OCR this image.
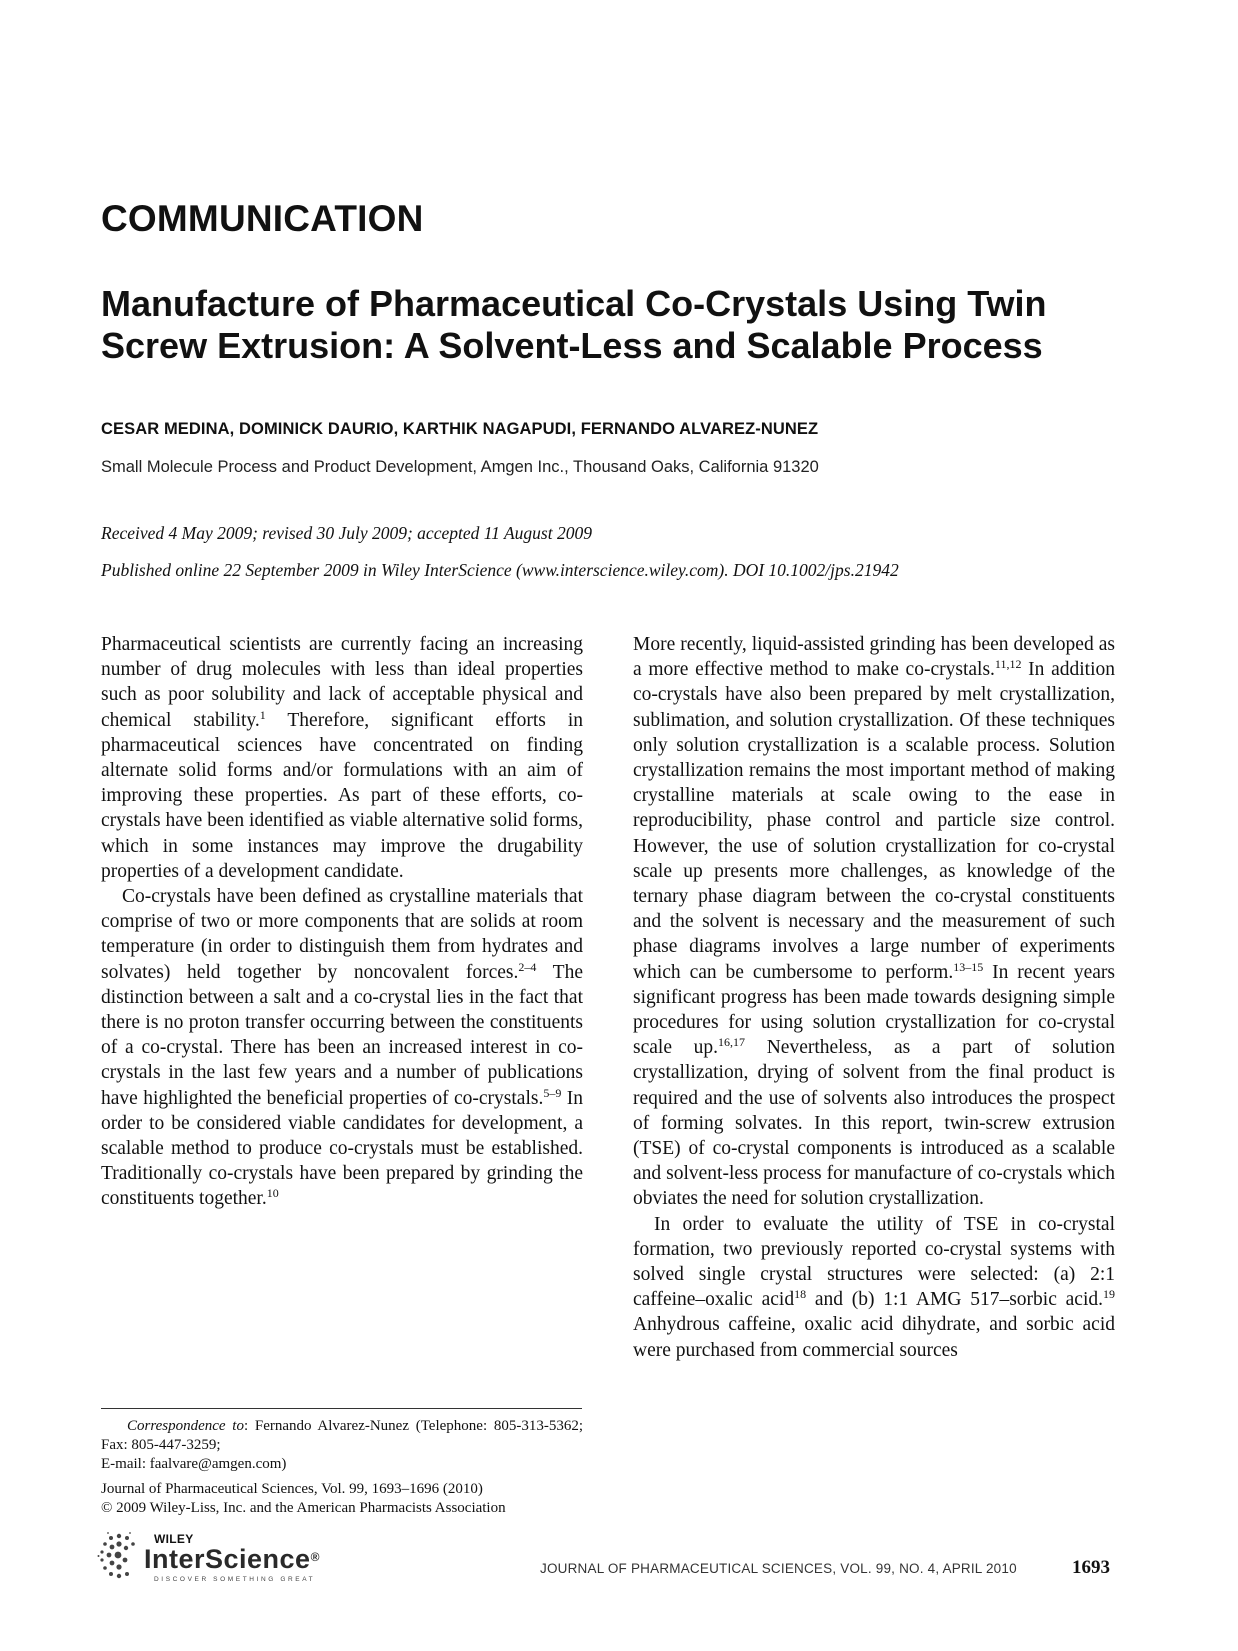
COMMUNICATION
Manufacture of Pharmaceutical Co-Crystals Using Twin Screw Extrusion: A Solvent-Less and Scalable Process
CESAR MEDINA, DOMINICK DAURIO, KARTHIK NAGAPUDI, FERNANDO ALVAREZ-NUNEZ
Small Molecule Process and Product Development, Amgen Inc., Thousand Oaks, California 91320
Received 4 May 2009; revised 30 July 2009; accepted 11 August 2009
Published online 22 September 2009 in Wiley InterScience (www.interscience.wiley.com). DOI 10.1002/jps.21942

Pharmaceutical scientists are currently facing an increasing number of drug molecules with less than ideal properties such as poor solubility and lack of acceptable physical and chemical stability.$^1$ Therefore, significant efforts in pharmaceutical sciences have concentrated on finding alternate solid forms and/or formulations with an aim of improving these properties. As part of these efforts, co-crystals have been identified as viable alternative solid forms, which in some instances may improve the drugability properties of a development candidate.

Co-crystals have been defined as crystalline materials that comprise of two or more components that are solids at room temperature (in order to distinguish them from hydrates and solvates) held together by noncovalent forces.$^{2-4}$ The distinction between a salt and a co-crystal lies in the fact that there is no proton transfer occurring between the constituents of a co-crystal. There has been an increased interest in co-crystals in the last few years and a number of publications have highlighted the beneficial properties of co-crystals.$^{5-9}$ In order to be considered viable candidates for development, a scalable method to produce co-crystals must be established. Traditionally co-crystals have been prepared by grinding the constituents together.$^{10}$

More recently, liquid-assisted grinding has been developed as a more effective method to make co-crystals.$^{11,12}$ In addition co-crystals have also been prepared by melt crystallization, sublimation, and solution crystallization. Of these techniques only solution crystallization is a scalable process. Solution crystallization remains the most important method of making crystalline materials at scale owing to the ease in reproducibility, phase control and particle size control. However, the use of solution crystallization for co-crystal scale up presents more challenges, as knowledge of the ternary phase diagram between the co-crystal constituents and the solvent is necessary and the measurement of such phase diagrams involves a large number of experiments which can be cumbersome to perform.$^{13-15}$ In recent years significant progress has been made towards designing simple procedures for using solution crystallization for co-crystal scale up.$^{16,17}$ Nevertheless, as a part of solution crystallization, drying of solvent from the final product is required and the use of solvents also introduces the prospect of forming solvates. In this report, twin-screw extrusion (TSE) of co-crystal components is introduced as a scalable and solvent-less process for manufacture of co-crystals which obviates the need for solution crystallization.

In order to evaluate the utility of TSE in co-crystal formation, two previously reported co-crystal systems with solved single crystal structures were selected: (a) 2:1 caffeine–oxalic acid$^{18}$ and (b) 1:1 AMG 517–sorbic acid.$^{19}$ Anhydrous caffeine, oxalic acid dihydrate, and sorbic acid were purchased from commercial sources

Correspondence to: Fernando Alvarez-Nunez (Telephone: 805-313-5362; Fax: 805-447-3259;

E-mail: faalvare@amgen.com)

Journal of Pharmaceutical Sciences, Vol. 99, 1693–1696 (2010)

© 2009 Wiley-Liss, Inc. and the American Pharmacists Association

WILEY
InterScience®
DISCOVER SOMETHING GREAT
JOURNAL OF PHARMACEUTICAL SCIENCES, VOL. 99, NO. 4, APRIL 2010	1693
